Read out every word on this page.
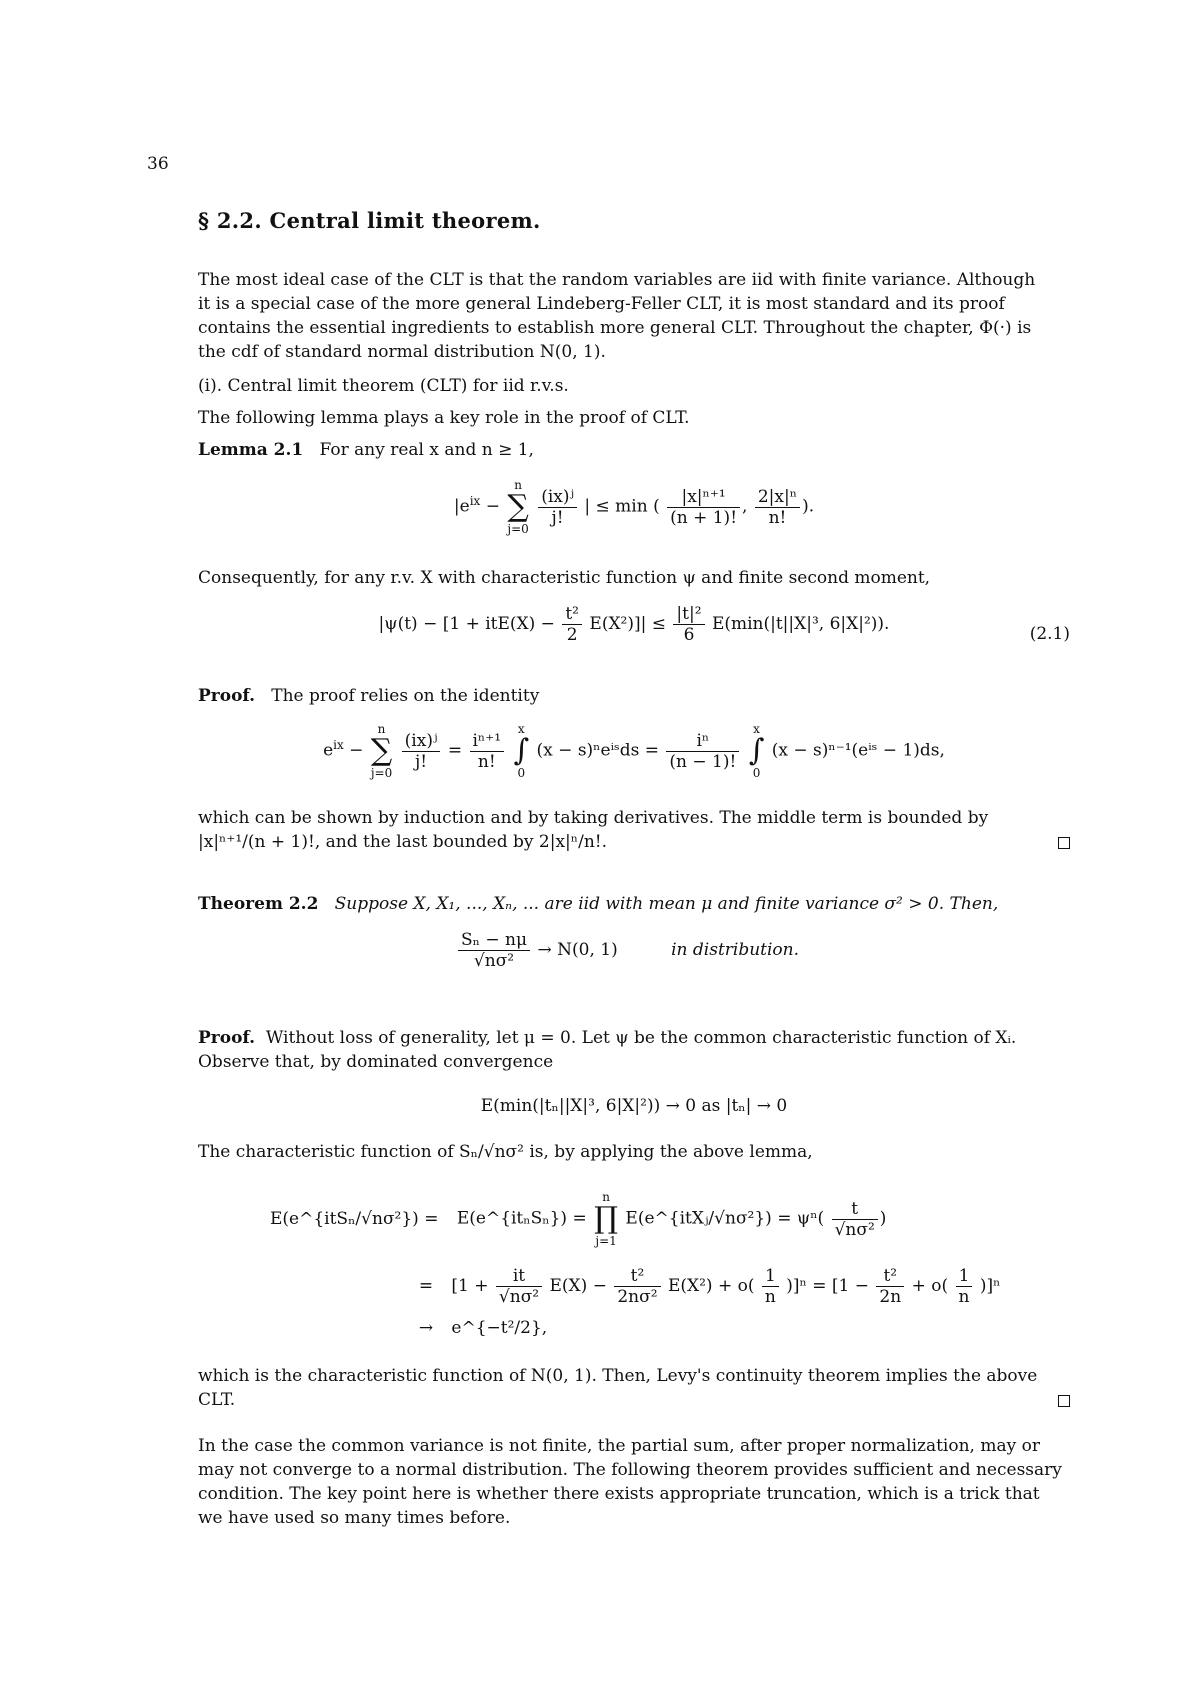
36
§ 2.2. Central limit theorem.
The most ideal case of the CLT is that the random variables are iid with finite variance. Although
it is a special case of the more general Lindeberg-Feller CLT, it is most standard and its proof
contains the essential ingredients to establish more general CLT. Throughout the chapter, Φ(·) is
the cdf of standard normal distribution N(0, 1).
(i). Central limit theorem (CLT) for iid r.v.s.
The following lemma plays a key role in the proof of CLT.
Lemma 2.1 For any real x and n ≥ 1,
$|e^{ix}$ −
n
∑
j=0

$\frac{\text{(ix)ʲ}}{j!}$ | ≤ min ( $\frac{\text{|x|ⁿ⁺¹}}{(n + 1)!}$ , $\frac{\text{2|x|ⁿ}}{n!}$ ).
Consequently, for any r.v. X with characteristic function ψ and finite second moment,
$|\psi(t) - [1 + itE(X) - \frac{\text{t²}}{2} E(X^2)]| \le \frac{\text{|t|²}}{6} E(\min(|t||X|^3$, 6|X|²)).	(2.1)
Proof. The proof relies on the identity
$e^{ix}$ −
n
∑
j=0

$\frac{\text{(ix)ʲ}}{j!} = \frac{\text{iⁿ⁺¹}}{n!}$

x
∫
0
(x − s)ⁿeⁱˢds = $\frac{\text{iⁿ}}{(n - 1)!}$

x
∫
0
(x − s)ⁿ⁻¹(eⁱˢ − 1)ds,
which can be shown by induction and by taking derivatives. The middle term is bounded by
|x|ⁿ⁺¹/(n + 1)!, and the last bounded by 2|x|ⁿ/n!.
Theorem 2.2 Suppose X, X₁, ..., Xₙ, ... are iid with mean μ and finite variance σ² > 0. Then,
$\frac{\text{Sₙ − nμ}}{\text{√nσ²}} \to N(0$, 1)	in distribution.
Proof. Without loss of generality, let μ = 0. Let ψ be the common characteristic function of Xᵢ.
Observe that, by dominated convergence
E(min(|tₙ||X|³, 6|X|²)) → 0 as |tₙ| → 0
The characteristic function of Sₙ/√nσ² is, by applying the above lemma,
E(e^{itSₙ/√nσ²}) = E(e^{itₙSₙ}) =
n
∏
j=1
E(e^{itXⱼ/√nσ²}) = $\psi^n( \frac{t}{\text{√nσ²}}$ )
= $[1 + \frac{it}{\text{√nσ²}} E(X) - \frac{\text{t²}}{\text{2nσ²}} E(X^2) + o( \frac{1}{n} )]^n = [1 - \frac{\text{t²}}{2n} + o( \frac{1}{n} )]^n$
→ e^{−t²/2},
which is the characteristic function of N(0, 1). Then, Levy's continuity theorem implies the above
CLT.
In the case the common variance is not finite, the partial sum, after proper normalization, may or
may not converge to a normal distribution. The following theorem provides sufficient and necessary
condition. The key point here is whether there exists appropriate truncation, which is a trick that
we have used so many times before.
